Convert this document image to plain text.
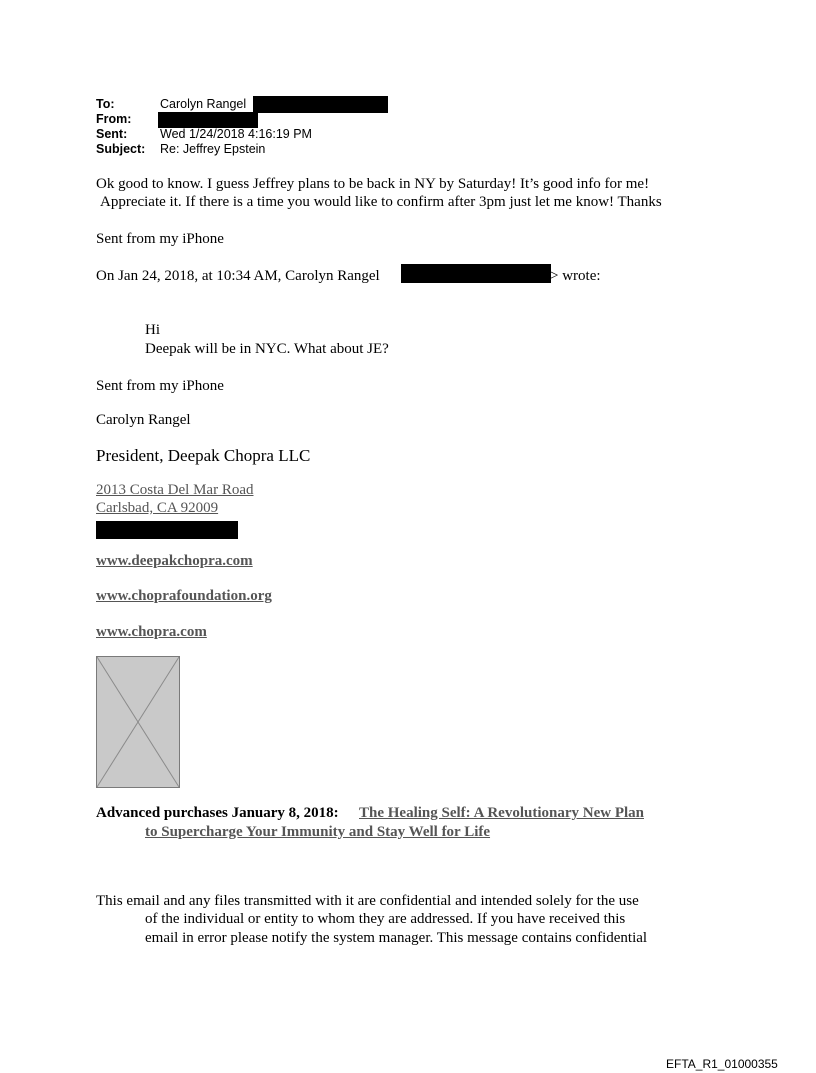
To:	Carolyn Rangel
From:
Sent:	Wed 1/24/2018 4:16:19 PM
Subject: Re: Jeffrey Epstein
Ok good to know. I guess Jeffrey plans to be back in NY by Saturday! It’s good info for me!
Appreciate it. If there is a time you would like to confirm after 3pm just let me know! Thanks
Sent from my iPhone
On Jan 24, 2018, at 10:34 AM, Carolyn Rangel	> wrote:
Hi
Deepak will be in NYC. What about JE?
Sent from my iPhone
Carolyn Rangel
President, Deepak Chopra LLC
2013 Costa Del Mar Road
Carlsbad, CA 92009
www.deepakchopra.com
www.choprafoundation.org
www.chopra.com
Advanced purchases January 8, 2018: The Healing Self: A Revolutionary New Plan
to Supercharge Your Immunity and Stay Well for Life
This email and any files transmitted with it are confidential and intended solely for the use
of the individual or entity to whom they are addressed. If you have received this
email in error please notify the system manager. This message contains confidential
EFTA_R1_01000355
